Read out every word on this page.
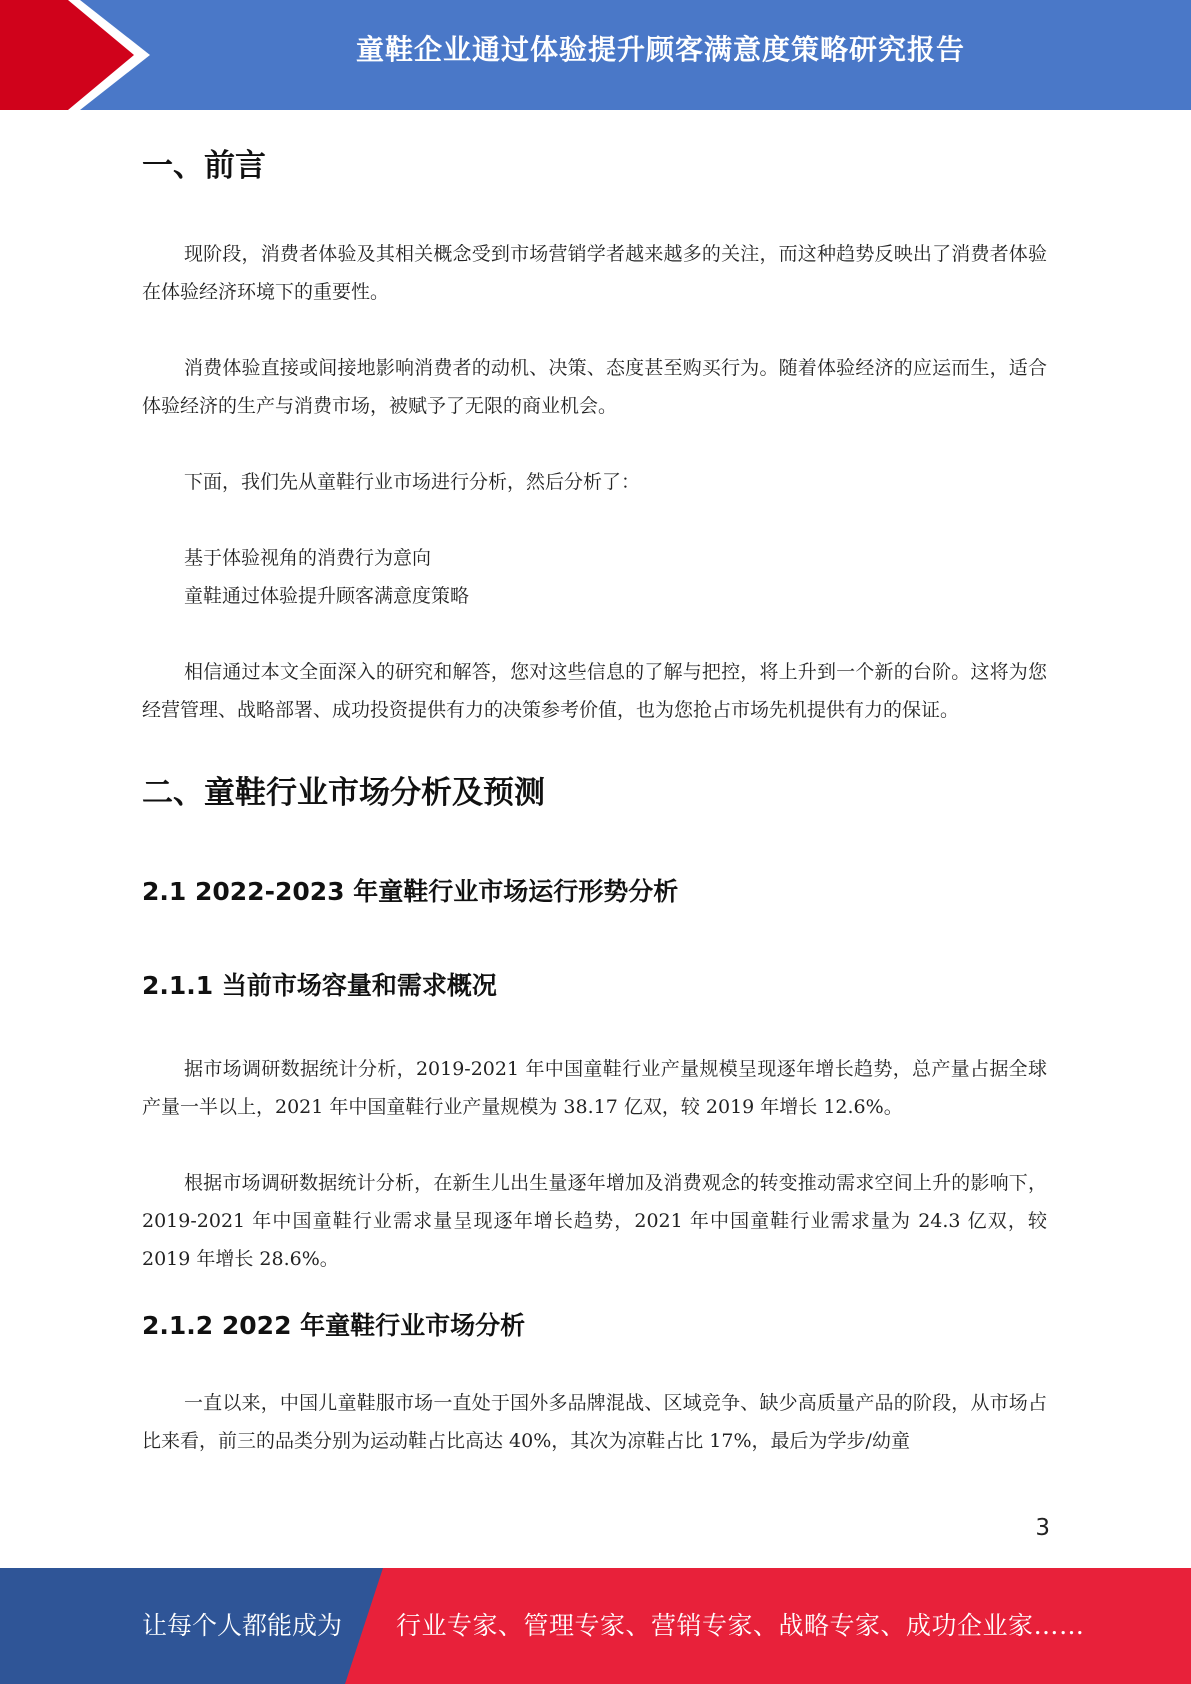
童鞋企业通过体验提升顾客满意度策略研究报告
一、前言

现阶段，消费者体验及其相关概念受到市场营销学者越来越多的关注，而这种趋势反映出了消费者体验在体验经济环境下的重要性。

消费体验直接或间接地影响消费者的动机、决策、态度甚至购买行为。随着体验经济的应运而生，适合体验经济的生产与消费市场，被赋予了无限的商业机会。

下面，我们先从童鞋行业市场进行分析，然后分析了：

基于体验视角的消费行为意向
童鞋通过体验提升顾客满意度策略

相信通过本文全面深入的研究和解答，您对这些信息的了解与把控，将上升到一个新的台阶。这将为您经营管理、战略部署、成功投资提供有力的决策参考价值，也为您抢占市场先机提供有力的保证。

二、童鞋行业市场分析及预测
2.1 2022-2023 年童鞋行业市场运行形势分析
2.1.1 当前市场容量和需求概况

据市场调研数据统计分析，2019-2021 年中国童鞋行业产量规模呈现逐年增长趋势，总产量占据全球产量一半以上，2021 年中国童鞋行业产量规模为 38.17 亿双，较 2019 年增长 12.6%。

根据市场调研数据统计分析，在新生儿出生量逐年增加及消费观念的转变推动需求空间上升的影响下，2019-2021 年中国童鞋行业需求量呈现逐年增长趋势，2021 年中国童鞋行业需求量为 24.3 亿双，较 2019 年增长 28.6%。

2.1.2 2022 年童鞋行业市场分析

一直以来，中国儿童鞋服市场一直处于国外多品牌混战、区域竞争、缺少高质量产品的阶段，从市场占比来看，前三的品类分别为运动鞋占比高达 40%，其次为凉鞋占比 17%，最后为学步/幼童

3
让每个人都能成为 行业专家、管理专家、营销专家、战略专家、成功企业家……
